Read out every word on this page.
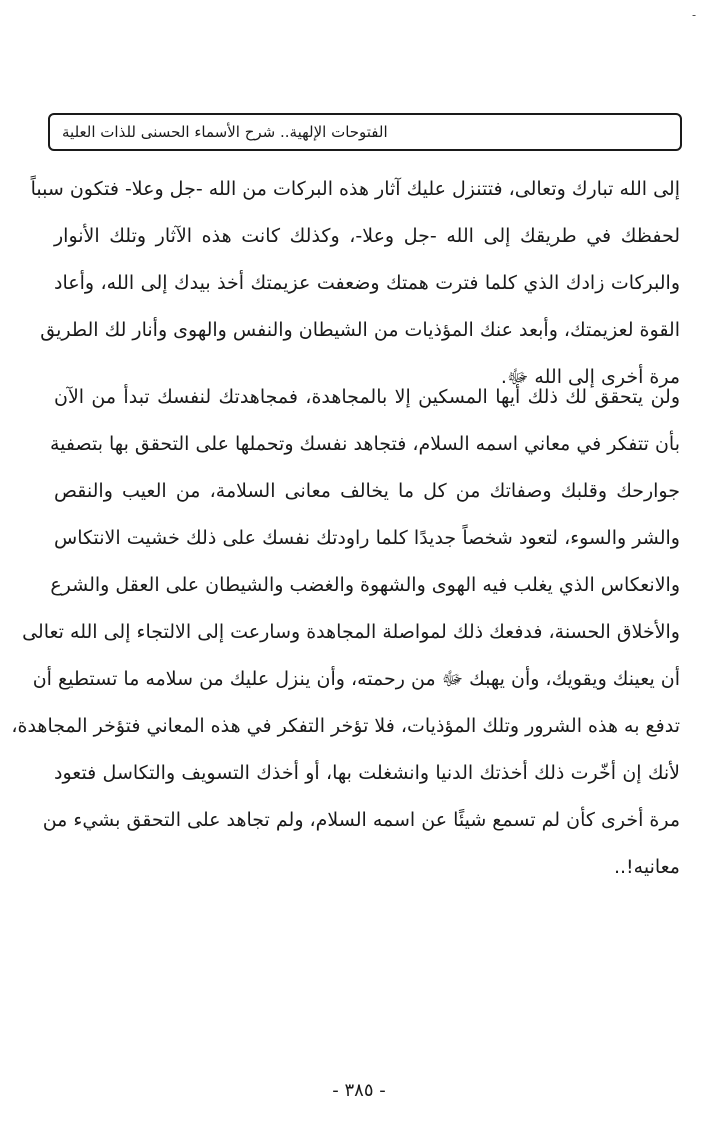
-
الفتوحات الإلهية.. شرح الأسماء الحسنى للذات العلية
إلى الله تبارك وتعالى، فتتنزل عليك آثار هذه البركات من الله -جل وعلا- فتكون سبباً
لحفظك في طريقك إلى الله -جل وعلا-، وكذلك كانت هذه الآثار وتلك الأنوار
والبركات زادك الذي كلما فترت همتك وضعفت عزيمتك أخذ بيدك إلى الله، وأعاد
القوة لعزيمتك، وأبعد عنك المؤذيات من الشيطان والنفس والهوى وأنار لك الطريق
مرة أخرى إلى الله ﷻ.
ولن يتحقق لك ذلك أيها المسكين إلا بالمجاهدة، فمجاهدتك لنفسك تبدأ من الآن
بأن تتفكر في معاني اسمه السلام، فتجاهد نفسك وتحملها على التحقق بها بتصفية
جوارحك وقلبك وصفاتك من كل ما يخالف معانى السلامة، من العيب والنقص
والشر والسوء، لتعود شخصاً جديدًا كلما راودتك نفسك على ذلك خشيت الانتكاس
والانعكاس الذي يغلب فيه الهوى والشهوة والغضب والشيطان على العقل والشرع
والأخلاق الحسنة، فدفعك ذلك لمواصلة المجاهدة وسارعت إلى الالتجاء إلى الله تعالى
أن يعينك ويقويك، وأن يهبك ﷻ من رحمته، وأن ينزل عليك من سلامه ما تستطيع أن
تدفع به هذه الشرور وتلك المؤذيات، فلا تؤخر التفكر في هذه المعاني فتؤخر المجاهدة،
لأنك إن أخّرت ذلك أخذتك الدنيا وانشغلت بها، أو أخذك التسويف والتكاسل فتعود
مرة أخرى كأن لم تسمع شيئًا عن اسمه السلام، ولم تجاهد على التحقق بشيء من
معانيه!..
- ٣٨٥ -
